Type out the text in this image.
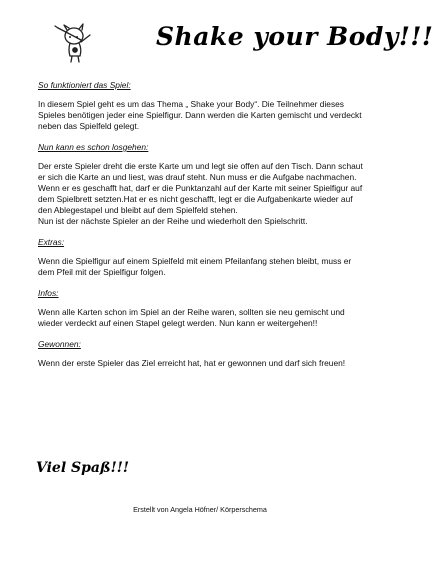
Shake your Body!!!
So funktioniert das Spiel:
In diesem Spiel geht es um das Thema „ Shake your Body“. Die Teilnehmer dieses Spieles benötigen jeder eine Spielfigur. Dann werden die Karten gemischt und verdeckt neben das Spielfeld gelegt.
Nun kann es schon losgehen:
Der erste Spieler dreht die erste Karte um und legt sie offen auf den Tisch. Dann schaut er sich die Karte an und liest, was drauf steht. Nun muss er die Aufgabe nachmachen.
Wenn er es geschafft hat, darf er die Punktanzahl auf der Karte mit seiner Spielfigur auf dem Spielbrett setzten.Hat er es nicht geschafft, legt er die Aufgabenkarte wieder auf den Ablegestapel und bleibt auf dem Spielfeld stehen.
Nun ist der nächste Spieler an der Reihe und wiederholt den Spielschritt.
Extras:
Wenn die Spielfigur auf einem Spielfeld mit einem Pfeilanfang stehen bleibt, muss er dem Pfeil mit der Spielfigur folgen.
Infos:
Wenn alle Karten schon im Spiel an der Reihe waren, sollten sie neu gemischt und wieder verdeckt auf einen Stapel gelegt werden. Nun kann er weitergehen!!
Gewonnen:
Wenn der erste Spieler das Ziel erreicht hat, hat er gewonnen und darf sich freuen!
Viel Spaß!!!
Erstellt von Angela Höfner/ Körperschema
